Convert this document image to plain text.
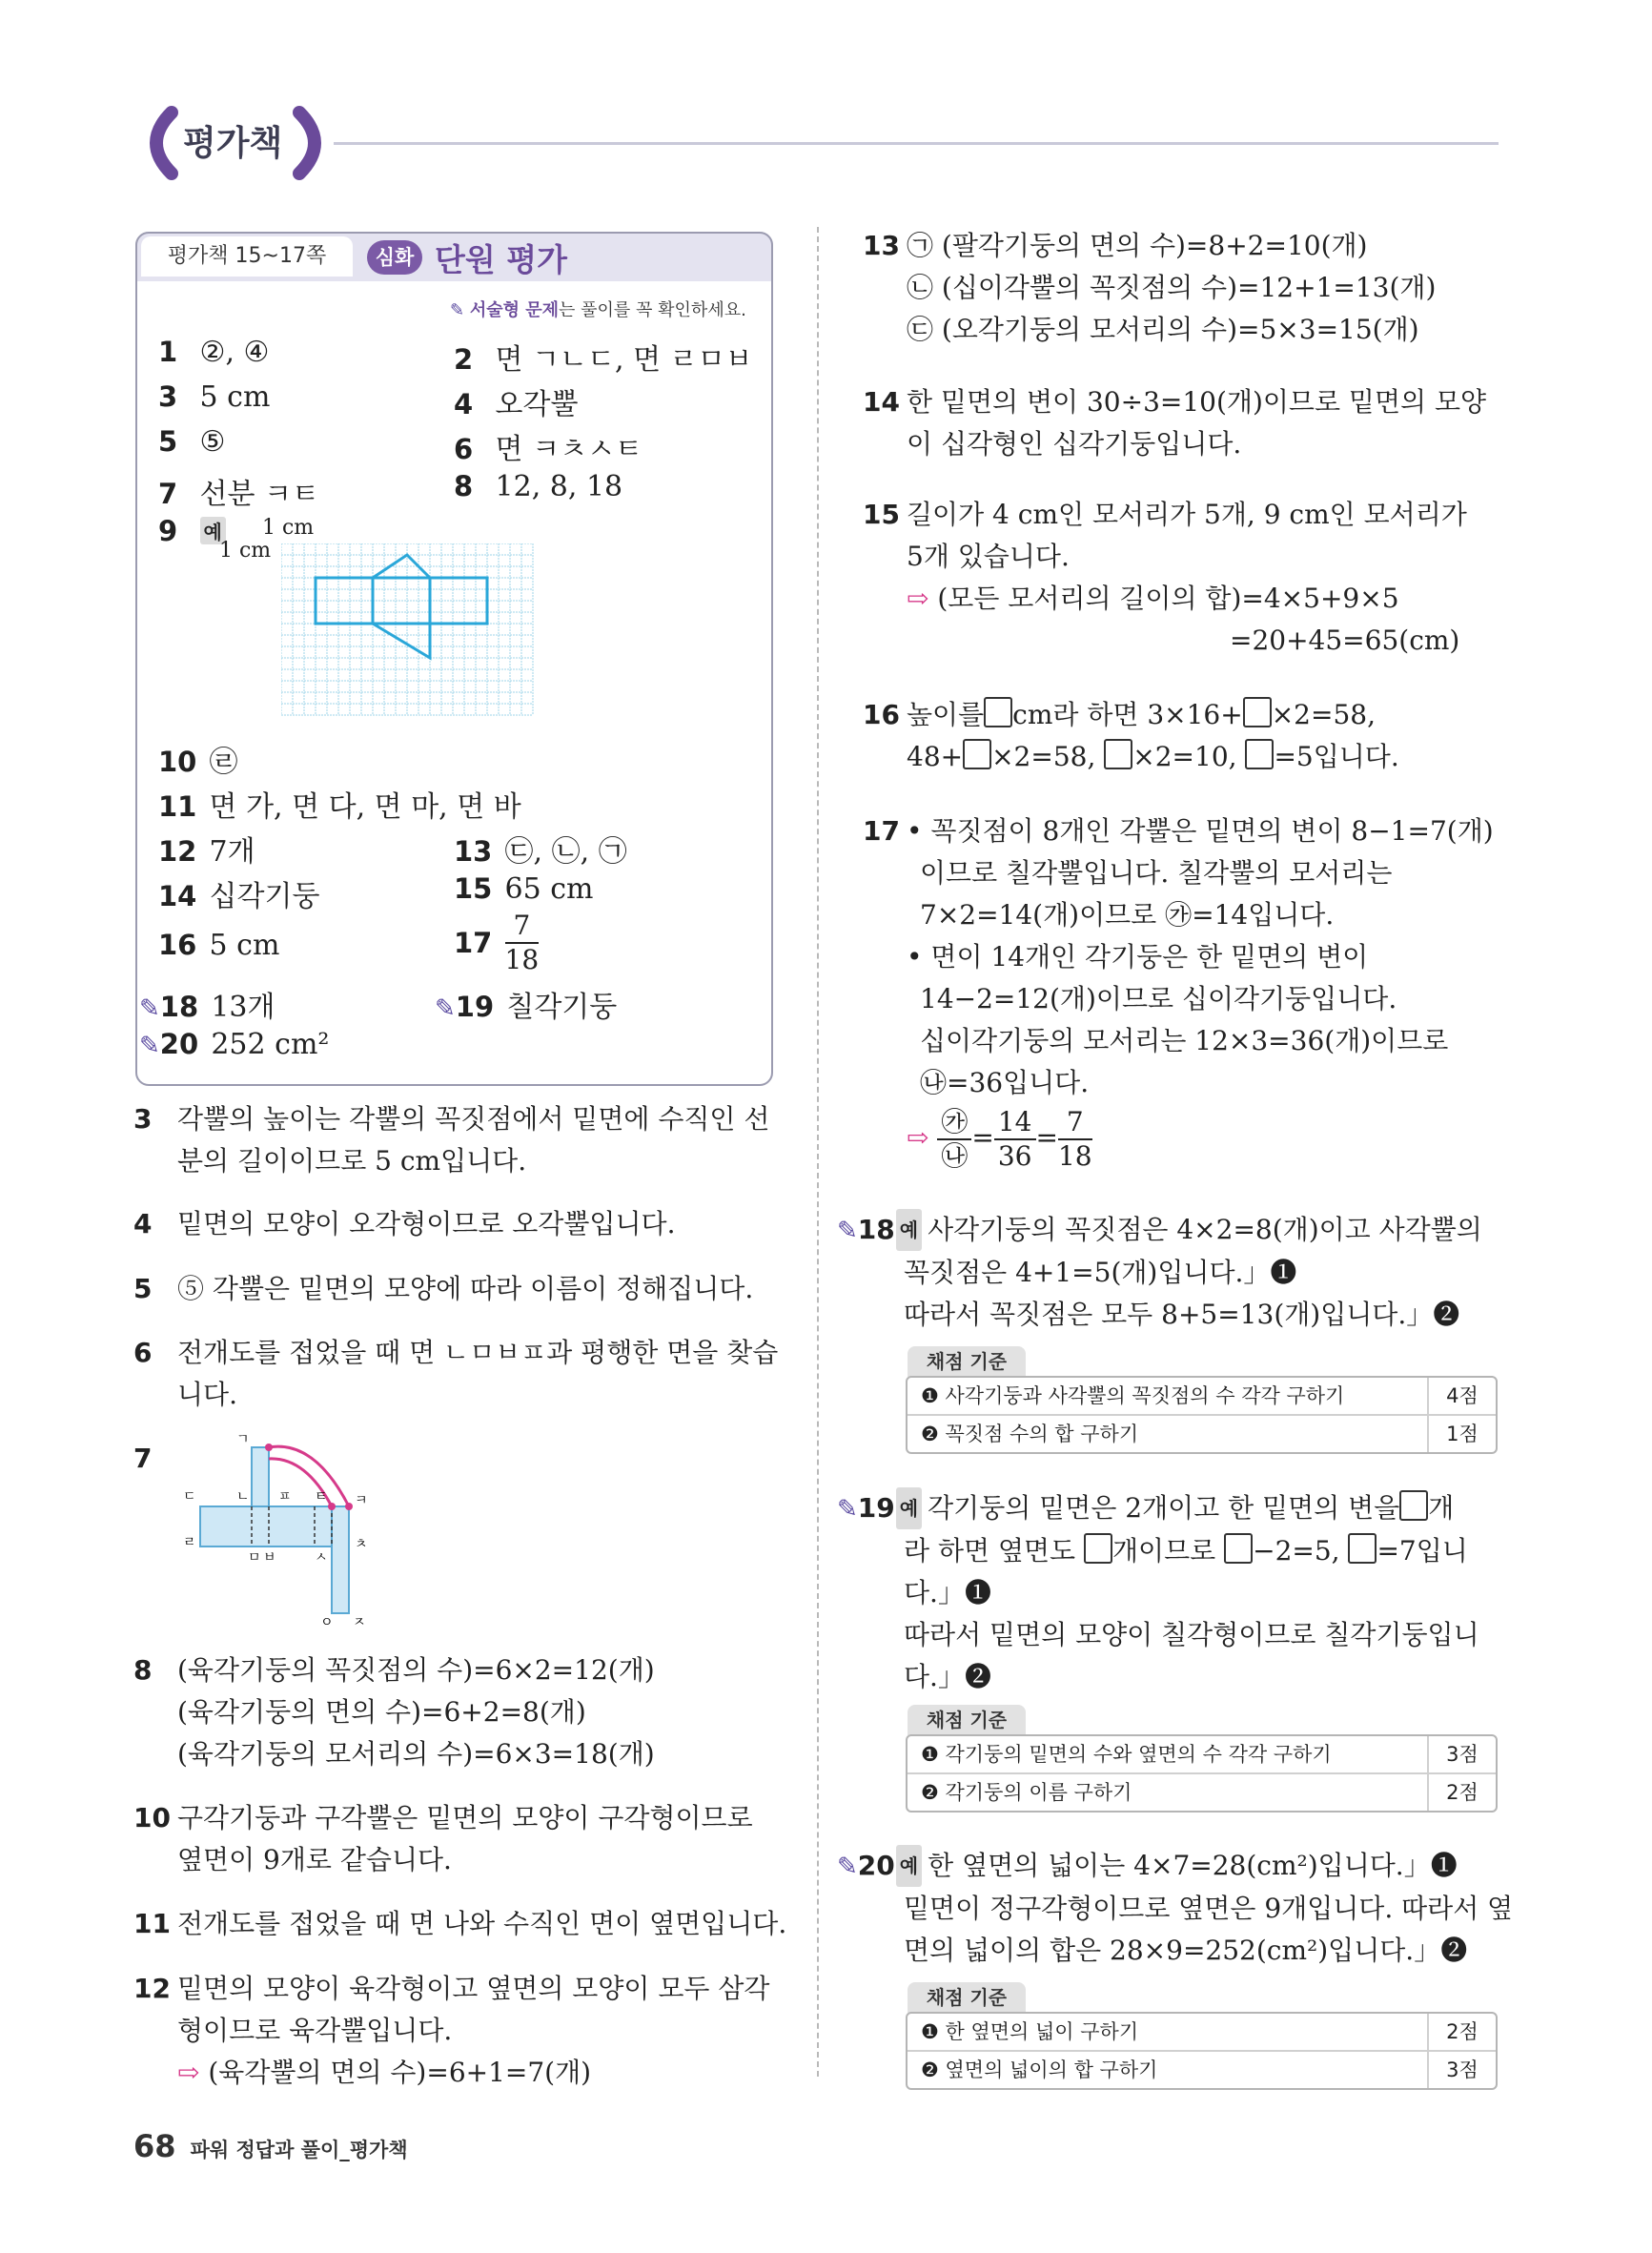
평가책
평가책 15~17쪽	심화 단원 평가
✎ 서술형 문제는 풀이를 꼭 확인하세요.
1 ②, ④	2 면 ㄱㄴㄷ, 면 ㄹㅁㅂ
3 5 cm	4 오각뿔
5 ⑤	6 면 ㅋㅊㅅㅌ
7 선분 ㅋㅌ	8 12, 8, 18
9 예	1 cm
1 cm
10 ㉣
11 면 가, 면 다, 면 마, 면 바
12 7개	13 ㉢, ㉡, ㉠
14 십각기둥	15 65 cm
16 5 cm	$17 \frac{7}{18}$
✎18 13개	✎19 칠각기둥
✎20 252 cm²
3 각뿔의 높이는 각뿔의 꼭짓점에서 밑면에 수직인 선
분의 길이이므로 5 cm입니다.
4 밑면의 모양이 오각형이므로 오각뿔입니다.
5 ⑤ 각뿔은 밑면의 모양에 따라 이름이 정해집니다.
6 전개도를 접었을 때 면 ㄴㅁㅂㅍ과 평행한 면을 찾습
니다.
7
ㄱ
ㄴ
ㄷ
ㄹ
ㅁ ㅂ
ㅍ ㅌ ㅋ
ㅊ
ㅅ
ㅇ ㅈ
8 (육각기둥의 꼭짓점의 수)=6×2=12(개)
(육각기둥의 면의 수)=6+2=8(개)
(육각기둥의 모서리의 수)=6×3=18(개)
10 구각기둥과 구각뿔은 밑면의 모양이 구각형이므로
옆면이 9개로 같습니다.
11 전개도를 접었을 때 면 나와 수직인 면이 옆면입니다.
12 밑면의 모양이 육각형이고 옆면의 모양이 모두 삼각
형이므로 육각뿔입니다.
⇨ (육각뿔의 면의 수)=6+1=7(개)
13 ㉠ (팔각기둥의 면의 수)=8+2=10(개)
㉡ (십이각뿔의 꼭짓점의 수)=12+1=13(개)
㉢ (오각기둥의 모서리의 수)=5×3=15(개)
14 한 밑면의 변이 30÷3=10(개)이므로 밑면의 모양
이 십각형인 십각기둥입니다.
15 길이가 4 cm인 모서리가 5개, 9 cm인 모서리가
5개 있습니다.
⇨ (모든 모서리의 길이의 합)=4×5+9×5
=20+45=65(cm)
16 높이를 cm라 하면 3×16+ ×2=58,
48+ ×2=58, ×2=10, =5입니다.
17 • 꼭짓점이 8개인 각뿔은 밑면의 변이 8−1=7(개)
이므로 칠각뿔입니다. 칠각뿔의 모서리는
7×2=14(개)이므로 ㉮=14입니다.
• 면이 14개인 각기둥은 한 밑면의 변이
14−2=12(개)이므로 십이각기둥입니다.
십이각기둥의 모서리는 12×3=36(개)이므로
㉯=36입니다.
⇨ $\frac{㉮}{㉯} = \frac{14}{36} = \frac{7}{18}$
✎18 예 사각기둥의 꼭짓점은 4×2=8(개)이고 사각뿔의
꼭짓점은 4+1=5(개)입니다.」❶
따라서 꼭짓점은 모두 8+5=13(개)입니다.」❷
채점 기준
❶ 사각기둥과 사각뿔의 꼭짓점의 수 각각 구하기	4점
❷ 꼭짓점 수의 합 구하기	1점
✎19 예 각기둥의 밑면은 2개이고 한 밑면의 변을 개
라 하면 옆면도 개이므로 −2=5, =7입니
다.」❶
따라서 밑면의 모양이 칠각형이므로 칠각기둥입니
다.」❷
채점 기준
❶ 각기둥의 밑면의 수와 옆면의 수 각각 구하기	3점
❷ 각기둥의 이름 구하기	2점
✎20 예 한 옆면의 넓이는 4×7=28(cm²)입니다.」❶
밑면이 정구각형이므로 옆면은 9개입니다. 따라서 옆
면의 넓이의 합은 28×9=252(cm²)입니다.」❷
채점 기준
❶ 한 옆면의 넓이 구하기	2점
❷ 옆면의 넓이의 합 구하기	3점
68 파워 정답과 풀이_평가책
